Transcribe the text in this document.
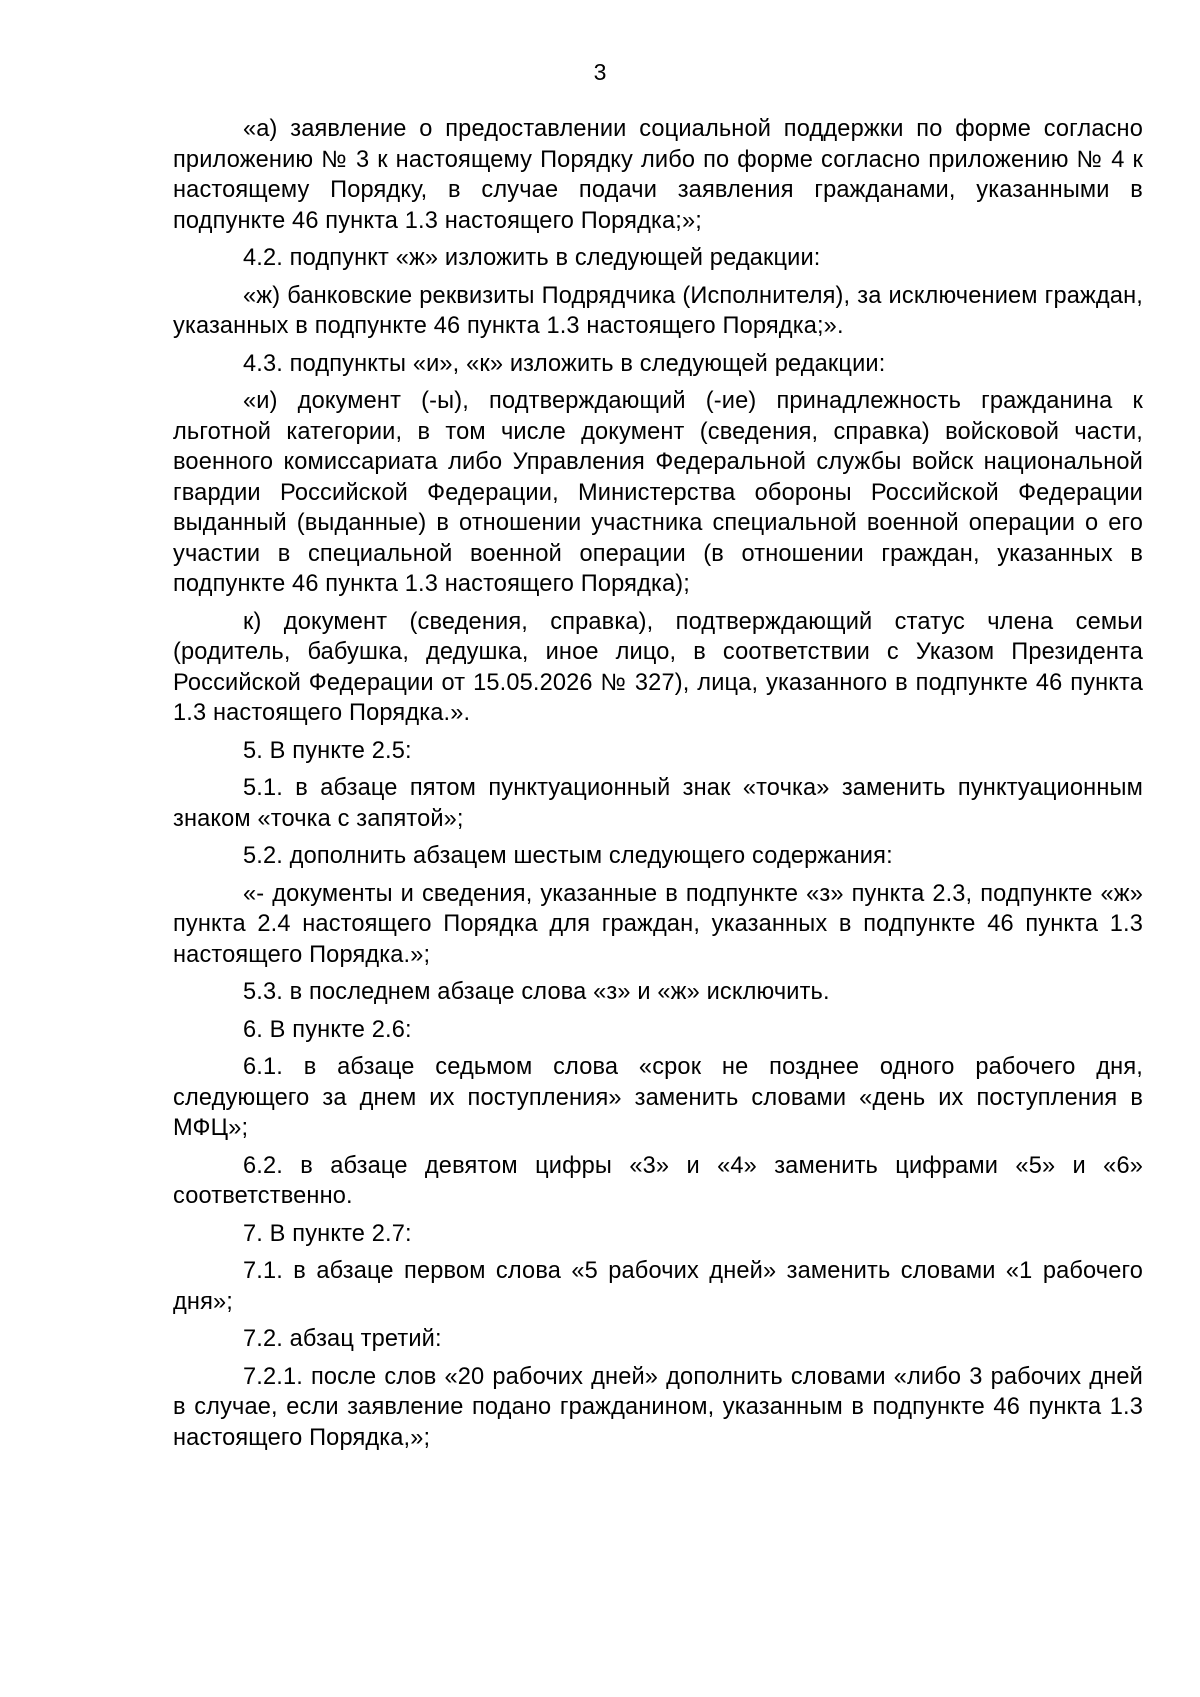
3

«а) заявление о предоставлении социальной поддержки по форме согласно приложению № 3 к настоящему Порядку либо по форме согласно приложению № 4 к настоящему Порядку, в случае подачи заявления гражданами, указанными в подпункте 46 пункта 1.3 настоящего Порядка;»;

4.2. подпункт «ж» изложить в следующей редакции:

«ж) банковские реквизиты Подрядчика (Исполнителя), за исключением граждан, указанных в подпункте 46 пункта 1.3 настоящего Порядка;».

4.3. подпункты «и», «к» изложить в следующей редакции:

«и) документ (-ы), подтверждающий (-ие) принадлежность гражданина к льготной категории, в том числе документ (сведения, справка) войсковой части, военного комиссариата либо Управления Федеральной службы войск национальной гвардии Российской Федерации, Министерства обороны Российской Федерации выданный (выданные) в отношении участника специальной военной операции о его участии в специальной военной операции (в отношении граждан, указанных в подпункте 46 пункта 1.3 настоящего Порядка);

к) документ (сведения, справка), подтверждающий статус члена семьи (родитель, бабушка, дедушка, иное лицо, в соответствии с Указом Президента Российской Федерации от 15.05.2026 № 327), лица, указанного в подпункте 46 пункта 1.3 настоящего Порядка.».

5. В пункте 2.5:

5.1. в абзаце пятом пунктуационный знак «точка» заменить пунктуационным знаком «точка с запятой»;

5.2. дополнить абзацем шестым следующего содержания:

«- документы и сведения, указанные в подпункте «з» пункта 2.3, подпункте «ж» пункта 2.4 настоящего Порядка для граждан, указанных в подпункте 46 пункта 1.3 настоящего Порядка.»;

5.3. в последнем абзаце слова «з» и «ж» исключить.

6. В пункте 2.6:

6.1. в абзаце седьмом слова «срок не позднее одного рабочего дня, следующего за днем их поступления» заменить словами «день их поступления в МФЦ»;

6.2. в абзаце девятом цифры «3» и «4» заменить цифрами «5» и «6» соответственно.

7. В пункте 2.7:

7.1. в абзаце первом слова «5 рабочих дней» заменить словами «1 рабочего дня»;

7.2. абзац третий:

7.2.1. после слов «20 рабочих дней» дополнить словами «либо 3 рабочих дней в случае, если заявление подано гражданином, указанным в подпункте 46 пункта 1.3 настоящего Порядка,»;
